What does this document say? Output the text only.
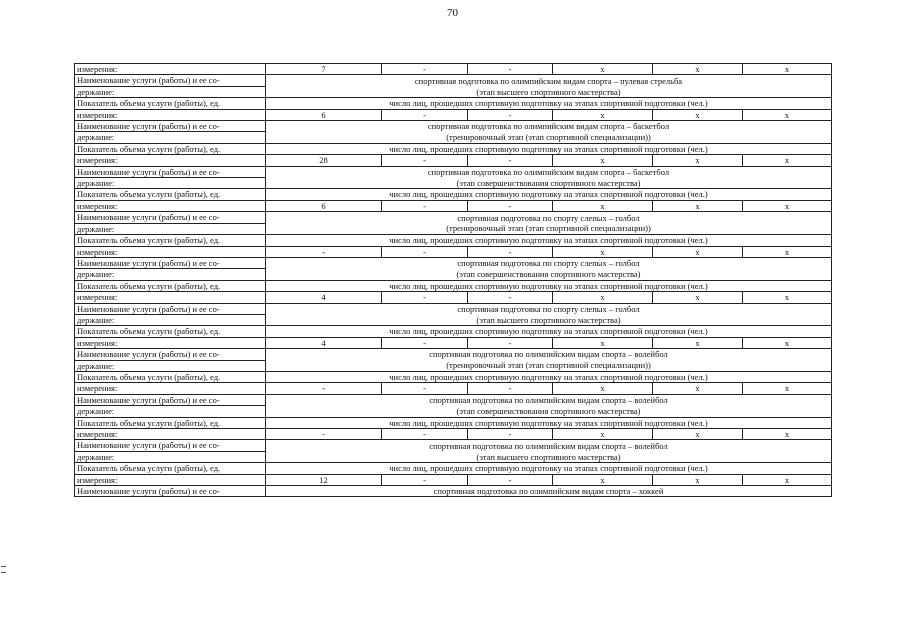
70
измерения:	7	-	-	x	x	x
Наименование услуги (работы) и ее со-	спортивная подготовка по олимпийским видам спорта – пулевая стрельба					
держание:	(этап высшего спортивного мастерства)					
Показатель объема услуги (работы), ед.	число лиц, прошедших спортивную подготовку на этапах спортивной подготовки (чел.)					
измерения:	6	-	-	x	x	x
Наименование услуги (работы) и ее со-	спортивная подготовка по олимпийским видам спорта – баскетбол					
держание:	(тренировочный этап (этап спортивной специализации))					
Показатель объема услуги (работы), ед.	число лиц, прошедших спортивную подготовку на этапах спортивной подготовки (чел.)					
измерения:	28	-	-	x	x	x
Наименование услуги (работы) и ее со-	спортивная подготовка по олимпийским видам спорта – баскетбол					
держание:	(этап совершенствования спортивного мастерства)					
Показатель объема услуги (работы), ед.	число лиц, прошедших спортивную подготовку на этапах спортивной подготовки (чел.)					
измерения:	6	-	-	x	x	x
Наименование услуги (работы) и ее со-	спортивная подготовка по спорту слепых – голбол					
держание:	(тренировочный этап (этап спортивной специализации))					
Показатель объема услуги (работы), ед.	число лиц, прошедших спортивную подготовку на этапах спортивной подготовки (чел.)					
измерения:	-	-	-	x	x	x
Наименование услуги (работы) и ее со-	спортивная подготовка по спорту слепых – голбол					
держание:	(этап совершенствования спортивного мастерства)					
Показатель объема услуги (работы), ед.	число лиц, прошедших спортивную подготовку на этапах спортивной подготовки (чел.)					
измерения:	4	-	-	x	x	x
Наименование услуги (работы) и ее со-	спортивная подготовка по спорту слепых – голбол					
держание:	(этап высшего спортивного мастерства)					
Показатель объема услуги (работы), ед.	число лиц, прошедших спортивную подготовку на этапах спортивной подготовки (чел.)					
измерения:	4	-	-	x	x	x
Наименование услуги (работы) и ее со-	спортивная подготовка по олимпийским видам спорта – волейбол					
держание:	(тренировочный этап (этап спортивной специализации))					
Показатель объема услуги (работы), ед.	число лиц, прошедших спортивную подготовку на этапах спортивной подготовки (чел.)					
измерения:	-	-	-	x	x	x
Наименование услуги (работы) и ее со-	спортивная подготовка по олимпийским видам спорта – волейбол					
держание:	(этап совершенствования спортивного мастерства)					
Показатель объема услуги (работы), ед.	число лиц, прошедших спортивную подготовку на этапах спортивной подготовки (чел.)					
измерения:	-	-	-	x	x	x
Наименование услуги (работы) и ее со-	спортивная подготовка по олимпийским видам спорта – волейбол					
держание:	(этап высшего спортивного мастерства)					
Показатель объема услуги (работы), ед.	число лиц, прошедших спортивную подготовку на этапах спортивной подготовки (чел.)					
измерения:	12	-	-	x	x	x
Наименование услуги (работы) и ее со-	спортивная подготовка по олимпийским видам спорта – хоккей					
